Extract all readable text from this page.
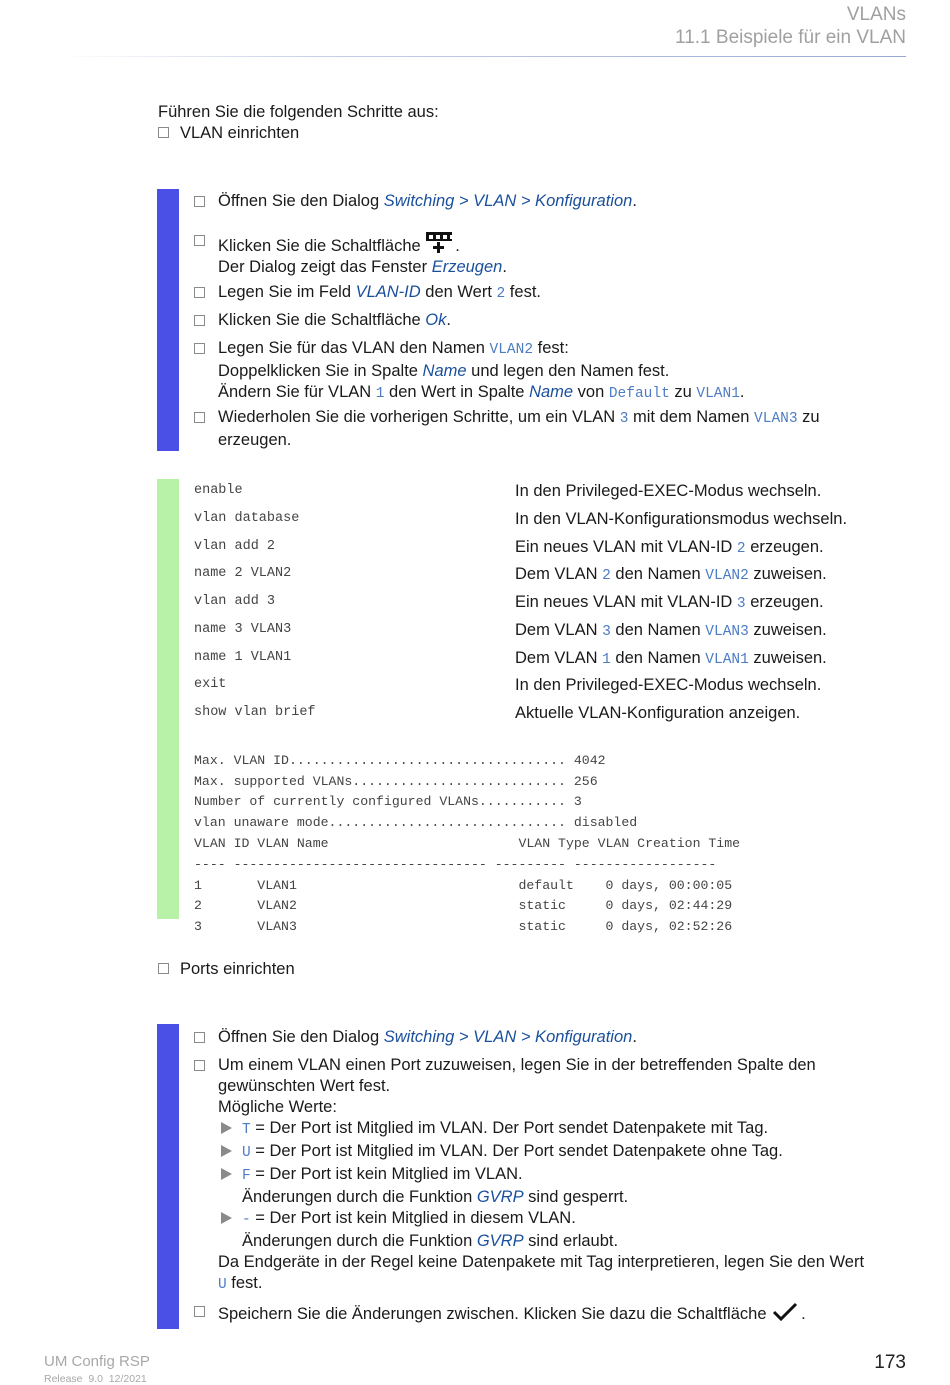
VLANs
11.1 Beispiele für ein VLAN
Führen Sie die folgenden Schritte aus:
VLAN einrichten
Öffnen Sie den Dialog Switching > VLAN > Konfiguration.
Klicken Sie die Schaltfläche .
Der Dialog zeigt das Fenster Erzeugen.
Legen Sie im Feld VLAN-ID den Wert 2 fest.
Klicken Sie die Schaltfläche Ok.
Legen Sie für das VLAN den Namen VLAN2 fest:
Doppelklicken Sie in Spalte Name und legen den Namen fest.
Ändern Sie für VLAN 1 den Wert in Spalte Name von Default zu VLAN1.
Wiederholen Sie die vorherigen Schritte, um ein VLAN 3 mit dem Namen VLAN3 zu
erzeugen.
enable	In den Privileged-EXEC-Modus wechseln.
vlan database	In den VLAN-Konfigurationsmodus wechseln.
vlan add 2	Ein neues VLAN mit VLAN-ID 2 erzeugen.
name 2 VLAN2	Dem VLAN 2 den Namen VLAN2 zuweisen.
vlan add 3	Ein neues VLAN mit VLAN-ID 3 erzeugen.
name 3 VLAN3	Dem VLAN 3 den Namen VLAN3 zuweisen.
name 1 VLAN1	Dem VLAN 1 den Namen VLAN1 zuweisen.
exit	In den Privileged-EXEC-Modus wechseln.
show vlan brief	Aktuelle VLAN-Konfiguration anzeigen.

Max. VLAN ID................................... 4042
Max. supported VLANs........................... 256
Number of currently configured VLANs........... 3
vlan unaware mode.............................. disabled
VLAN ID VLAN Name                        VLAN Type VLAN Creation Time
---- -------------------------------- --------- ------------------
1       VLAN1                            default    0 days, 00:00:05
2       VLAN2                            static     0 days, 02:44:29
3       VLAN3                            static     0 days, 02:52:26

Ports einrichten
Öffnen Sie den Dialog Switching > VLAN > Konfiguration.
Um einem VLAN einen Port zuzuweisen, legen Sie in der betreffenden Spalte den
gewünschten Wert fest.
Mögliche Werte:
T = Der Port ist Mitglied im VLAN. Der Port sendet Datenpakete mit Tag.
U = Der Port ist Mitglied im VLAN. Der Port sendet Datenpakete ohne Tag.
F = Der Port ist kein Mitglied im VLAN.
Änderungen durch die Funktion GVRP sind gesperrt.
- = Der Port ist kein Mitglied in diesem VLAN.
Änderungen durch die Funktion GVRP sind erlaubt.
Da Endgeräte in der Regel keine Datenpakete mit Tag interpretieren, legen Sie den Wert
U fest.
Speichern Sie die Änderungen zwischen. Klicken Sie dazu die Schaltfläche .
UM Config RSP
Release  9.0  12/2021
173
